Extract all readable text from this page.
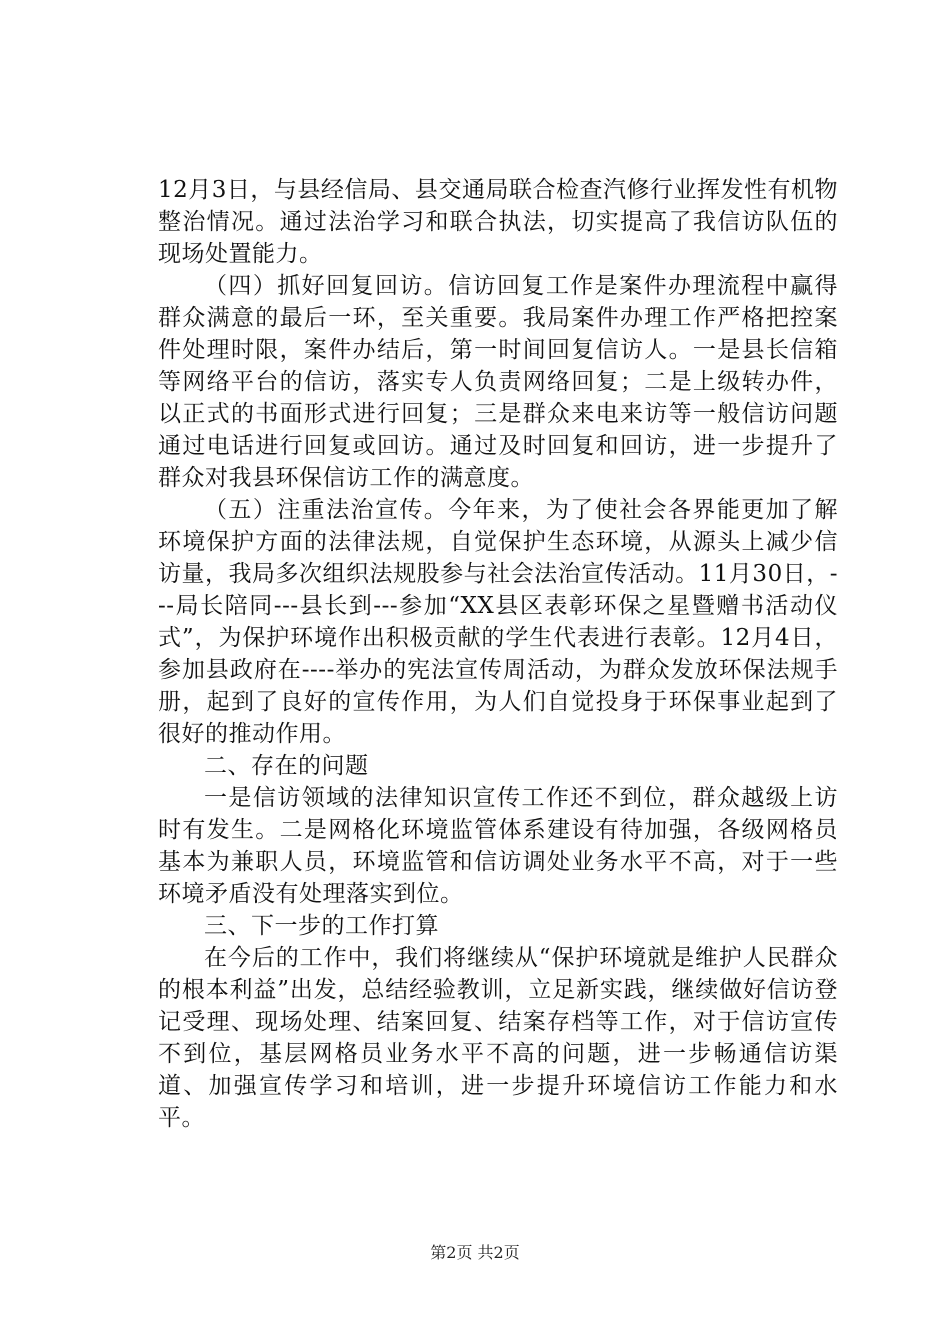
12月3日，与县经信局、县交通局联合检查汽修行业挥发性有机物整治情况。通过法治学习和联合执法，切实提高了我信访队伍的现场处置能力。

（四）抓好回复回访。信访回复工作是案件办理流程中赢得群众满意的最后一环，至关重要。我局案件办理工作严格把控案件处理时限，案件办结后，第一时间回复信访人。一是县长信箱等网络平台的信访，落实专人负责网络回复；二是上级转办件，以正式的书面形式进行回复；三是群众来电来访等一般信访问题通过电话进行回复或回访。通过及时回复和回访，进一步提升了群众对我县环保信访工作的满意度。

（五）注重法治宣传。今年来，为了使社会各界能更加了解环境保护方面的法律法规，自觉保护生态环境，从源头上减少信访量，我局多次组织法规股参与社会法治宣传活动。11月30日，---局长陪同---县长到---参加“XX县区表彰环保之星暨赠书活动仪式”，为保护环境作出积极贡献的学生代表进行表彰。12月4日，参加县政府在----举办的宪法宣传周活动，为群众发放环保法规手册，起到了良好的宣传作用，为人们自觉投身于环保事业起到了很好的推动作用。

二、存在的问题

一是信访领域的法律知识宣传工作还不到位，群众越级上访时有发生。二是网格化环境监管体系建设有待加强，各级网格员基本为兼职人员，环境监管和信访调处业务水平不高，对于一些环境矛盾没有处理落实到位。

三、下一步的工作打算

在今后的工作中，我们将继续从“保护环境就是维护人民群众的根本利益”出发，总结经验教训，立足新实践，继续做好信访登记受理、现场处理、结案回复、结案存档等工作，对于信访宣传不到位，基层网格员业务水平不高的问题，进一步畅通信访渠道、加强宣传学习和培训，进一步提升环境信访工作能力和水平。

第2页 共2页
